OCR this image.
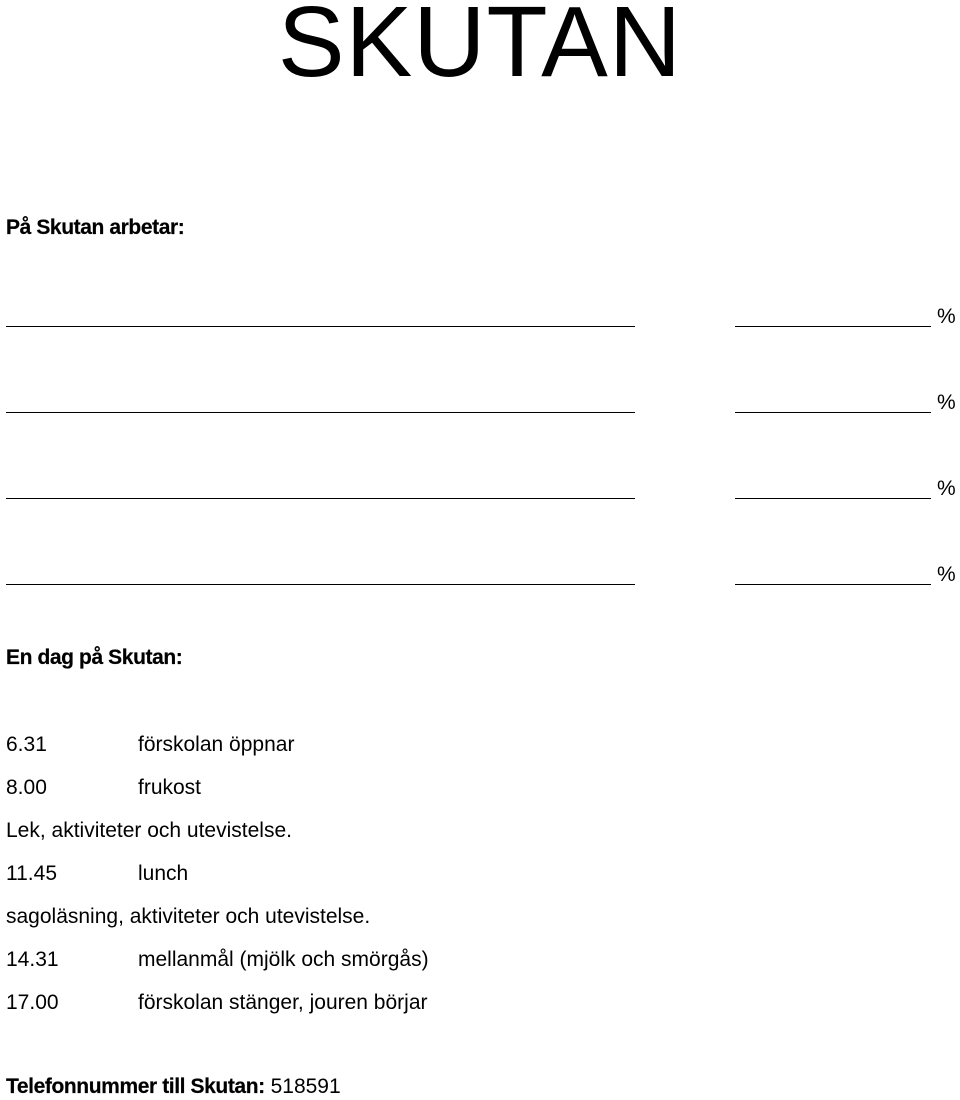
SKUTAN
På Skutan arbetar:
%
%
%
%
En dag på Skutan:
6.31	förskolan öppnar
8.00	frukost
Lek, aktiviteter och utevistelse.
11.45	lunch
sagoläsning, aktiviteter och utevistelse.
14.31	mellanmål (mjölk och smörgås)
17.00	förskolan stänger, jouren börjar
Telefonnummer till Skutan: 518591
